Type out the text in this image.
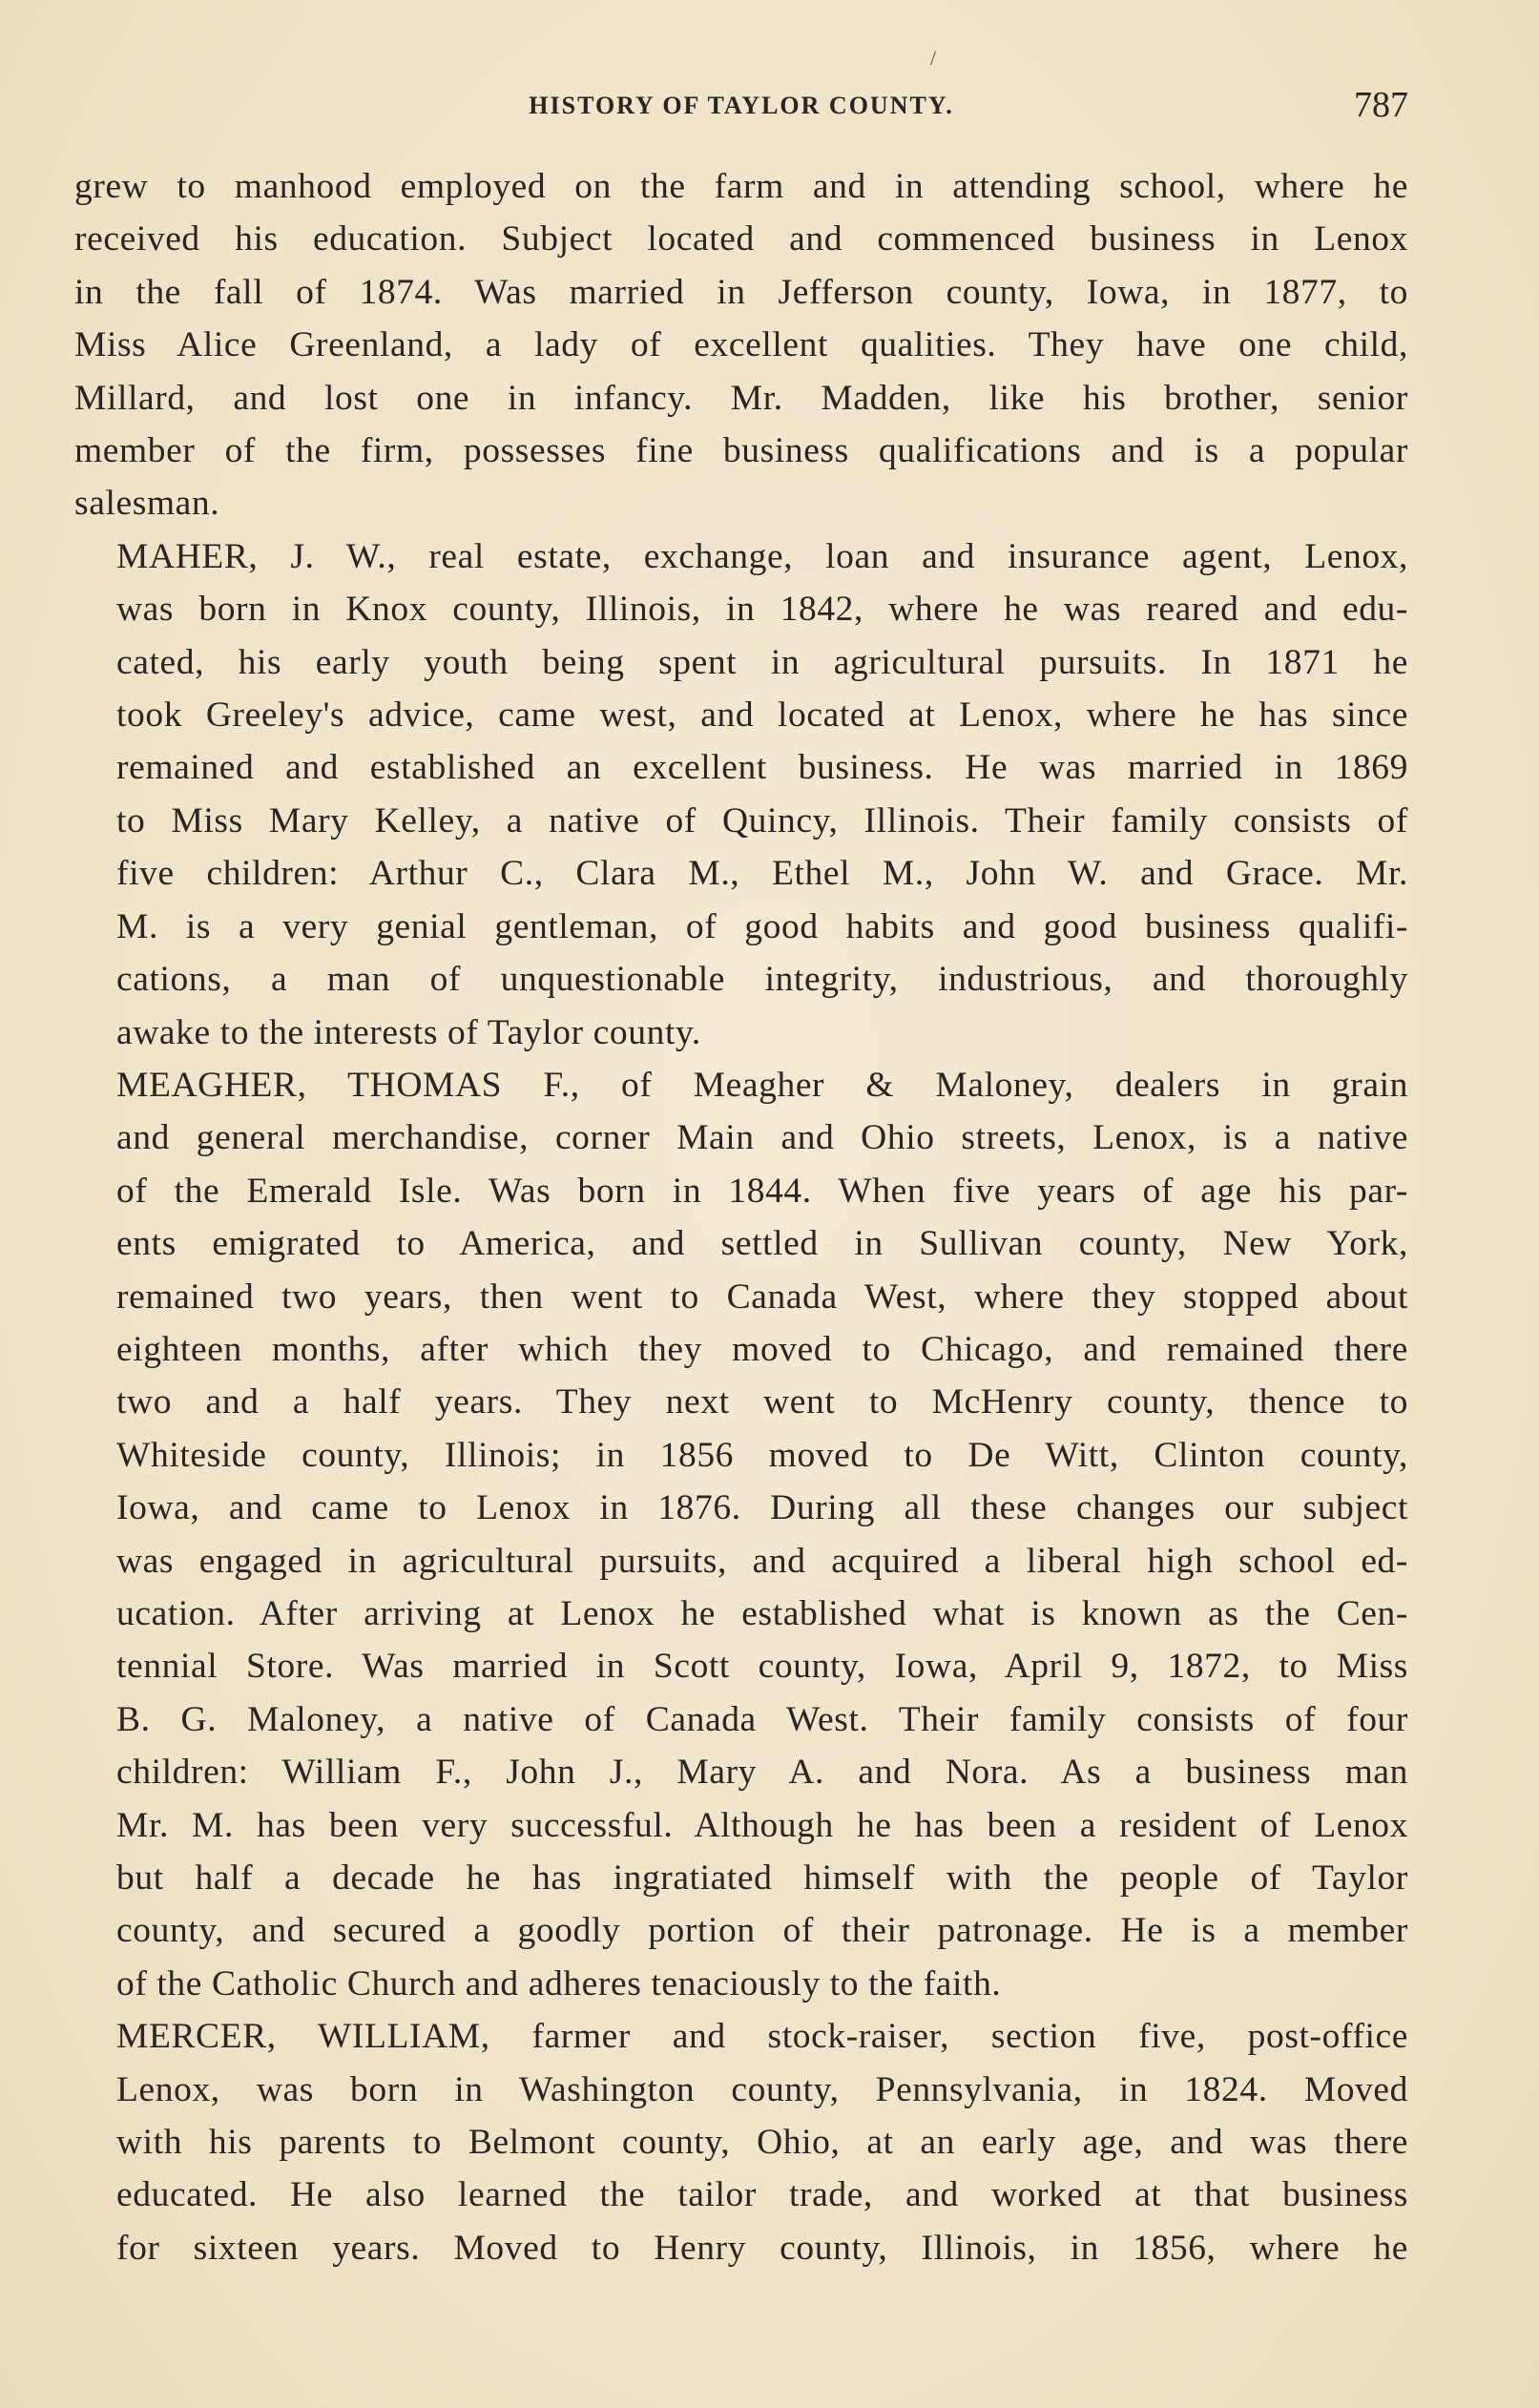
/
HISTORY OF TAYLOR COUNTY.	787

grew to manhood employed on the farm and in attending school, where he
received his education. Subject located and commenced business in Lenox
in the fall of 1874. Was married in Jefferson county, Iowa, in 1877, to
Miss Alice Greenland, a lady of excellent qualities. They have one child,
Millard, and lost one in infancy. Mr. Madden, like his brother, senior
member of the firm, possesses fine business qualifications and is a popular
salesman.

MAHER, J. W., real estate, exchange, loan and insurance agent, Lenox,
was born in Knox county, Illinois, in 1842, where he was reared and edu-
cated, his early youth being spent in agricultural pursuits. In 1871 he
took Greeley's advice, came west, and located at Lenox, where he has since
remained and established an excellent business. He was married in 1869
to Miss Mary Kelley, a native of Quincy, Illinois. Their family consists of
five children: Arthur C., Clara M., Ethel M., John W. and Grace. Mr.
M. is a very genial gentleman, of good habits and good business qualifi-
cations, a man of unquestionable integrity, industrious, and thoroughly
awake to the interests of Taylor county.

MEAGHER, THOMAS F., of Meagher & Maloney, dealers in grain
and general merchandise, corner Main and Ohio streets, Lenox, is a native
of the Emerald Isle. Was born in 1844. When five years of age his par-
ents emigrated to America, and settled in Sullivan county, New York,
remained two years, then went to Canada West, where they stopped about
eighteen months, after which they moved to Chicago, and remained there
two and a half years. They next went to McHenry county, thence to
Whiteside county, Illinois; in 1856 moved to De Witt, Clinton county,
Iowa, and came to Lenox in 1876. During all these changes our subject
was engaged in agricultural pursuits, and acquired a liberal high school ed-
ucation. After arriving at Lenox he established what is known as the Cen-
tennial Store. Was married in Scott county, Iowa, April 9, 1872, to Miss
B. G. Maloney, a native of Canada West. Their family consists of four
children: William F., John J., Mary A. and Nora. As a business man
Mr. M. has been very successful. Although he has been a resident of Lenox
but half a decade he has ingratiated himself with the people of Taylor
county, and secured a goodly portion of their patronage. He is a member
of the Catholic Church and adheres tenaciously to the faith.

MERCER, WILLIAM, farmer and stock-raiser, section five, post-office
Lenox, was born in Washington county, Pennsylvania, in 1824. Moved
with his parents to Belmont county, Ohio, at an early age, and was there
educated. He also learned the tailor trade, and worked at that business
for sixteen years. Moved to Henry county, Illinois, in 1856, where he
